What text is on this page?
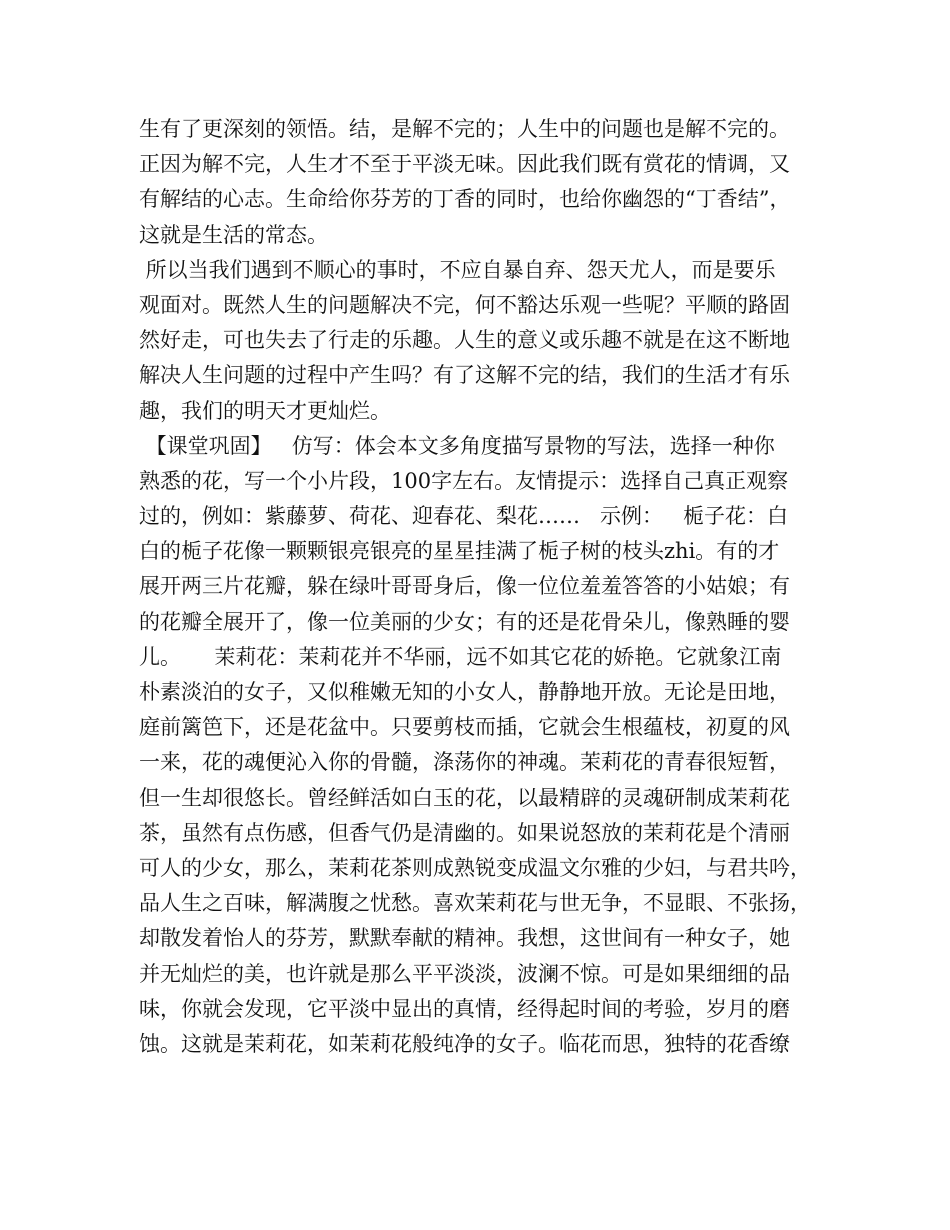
生有了更深刻的领悟。结，是解不完的；人生中的问题也是解不完的。
正因为解不完，人生才不至于平淡无味。因此我们既有赏花的情调，又
有解结的心志。生命给你芬芳的丁香的同时，也给你幽怨的“丁香结”，
这就是生活的常态。
所以当我们遇到不顺心的事时，不应自暴自弃、怨天尤人，而是要乐
观面对。既然人生的问题解决不完，何不豁达乐观一些呢？平顺的路固
然好走，可也失去了行走的乐趣。人生的意义或乐趣不就是在这不断地
解决人生问题的过程中产生吗？有了这解不完的结，我们的生活才有乐
趣，我们的明天才更灿烂。
【课堂巩固】   仿写：体会本文多角度描写景物的写法，选择一种你
熟悉的花，写一个小片段，100字左右。友情提示：选择自己真正观察
过的，例如：紫藤萝、荷花、迎春花、梨花……   示例：   栀子花：白
白的栀子花像一颗颗银亮银亮的星星挂满了栀子树的枝头zhi。有的才
展开两三片花瓣，躲在绿叶哥哥身后，像一位位羞羞答答的小姑娘；有
的花瓣全展开了，像一位美丽的少女；有的还是花骨朵儿，像熟睡的婴
儿。     茉莉花：茉莉花并不华丽，远不如其它花的娇艳。它就象江南
朴素淡泊的女子，又似稚嫩无知的小女人，静静地开放。无论是田地，
庭前篱笆下，还是花盆中。只要剪枝而插，它就会生根蕴枝，初夏的风
一来，花的魂便沁入你的骨髓，涤荡你的神魂。茉莉花的青春很短暂，
但一生却很悠长。曾经鲜活如白玉的花，以最精辟的灵魂研制成茉莉花
茶，虽然有点伤感，但香气仍是清幽的。如果说怒放的茉莉花是个清丽
可人的少女，那么，茉莉花茶则成熟锐变成温文尔雅的少妇，与君共吟，
品人生之百味，解满腹之忧愁。喜欢茉莉花与世无争，不显眼、不张扬，
却散发着怡人的芬芳，默默奉献的精神。我想，这世间有一种女子，她
并无灿烂的美，也许就是那么平平淡淡，波澜不惊。可是如果细细的品
味，你就会发现，它平淡中显出的真情，经得起时间的考验，岁月的磨
蚀。这就是茉莉花，如茉莉花般纯净的女子。临花而思，独特的花香缭
